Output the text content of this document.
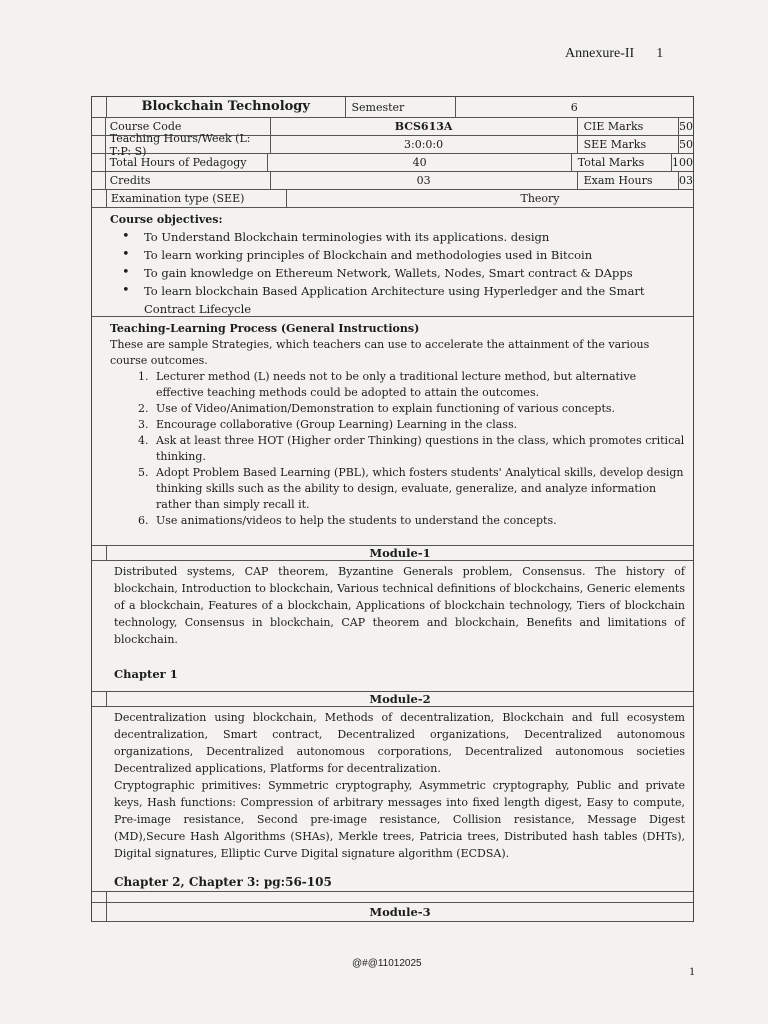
Annexure-II 1
Blockchain Technology	Semester	6
Course Code	BCS613A	CIE Marks	50
Teaching Hours/Week (L: T:P: S)	3:0:0:0	SEE Marks	50
Total Hours of Pedagogy	40	Total Marks	100
Credits	03	Exam Hours	03
Examination type (SEE)	Theory
Course objectives:
• To Understand Blockchain terminologies with its applications. design
• To learn working principles of Blockchain and methodologies used in Bitcoin
• To gain knowledge on Ethereum Network, Wallets, Nodes, Smart contract & DApps
• To learn blockchain Based Application Architecture using Hyperledger and the Smart Contract Lifecycle
Teaching-Learning Process (General Instructions)
These are sample Strategies, which teachers can use to accelerate the attainment of the various course outcomes.
1. Lecturer method (L) needs not to be only a traditional lecture method, but alternative effective teaching methods could be adopted to attain the outcomes.
2. Use of Video/Animation/Demonstration to explain functioning of various concepts.
3. Encourage collaborative (Group Learning) Learning in the class.
4. Ask at least three HOT (Higher order Thinking) questions in the class, which promotes critical thinking.
5. Adopt Problem Based Learning (PBL), which fosters students' Analytical skills, develop design thinking skills such as the ability to design, evaluate, generalize, and analyze information rather than simply recall it.
6. Use animations/videos to help the students to understand the concepts.
Module-1
Distributed systems, CAP theorem, Byzantine Generals problem, Consensus. The history of blockchain, Introduction to blockchain, Various technical definitions of blockchains, Generic elements of a blockchain, Features of a blockchain, Applications of blockchain technology, Tiers of blockchain technology, Consensus in blockchain, CAP theorem and blockchain, Benefits and limitations of blockchain.
Chapter 1
Module-2
Decentralization using blockchain, Methods of decentralization, Blockchain and full ecosystem decentralization, Smart contract, Decentralized organizations, Decentralized autonomous organizations, Decentralized autonomous corporations, Decentralized autonomous societies Decentralized applications, Platforms for decentralization.
Cryptographic primitives: Symmetric cryptography, Asymmetric cryptography, Public and private keys, Hash functions: Compression of arbitrary messages into fixed length digest, Easy to compute, Pre-image resistance, Second pre-image resistance, Collision resistance, Message Digest (MD),Secure Hash Algorithms (SHAs), Merkle trees, Patricia trees, Distributed hash tables (DHTs), Digital signatures, Elliptic Curve Digital signature algorithm (ECDSA).
Chapter 2, Chapter 3: pg:56-105
Module-3
@#@11012025
1
